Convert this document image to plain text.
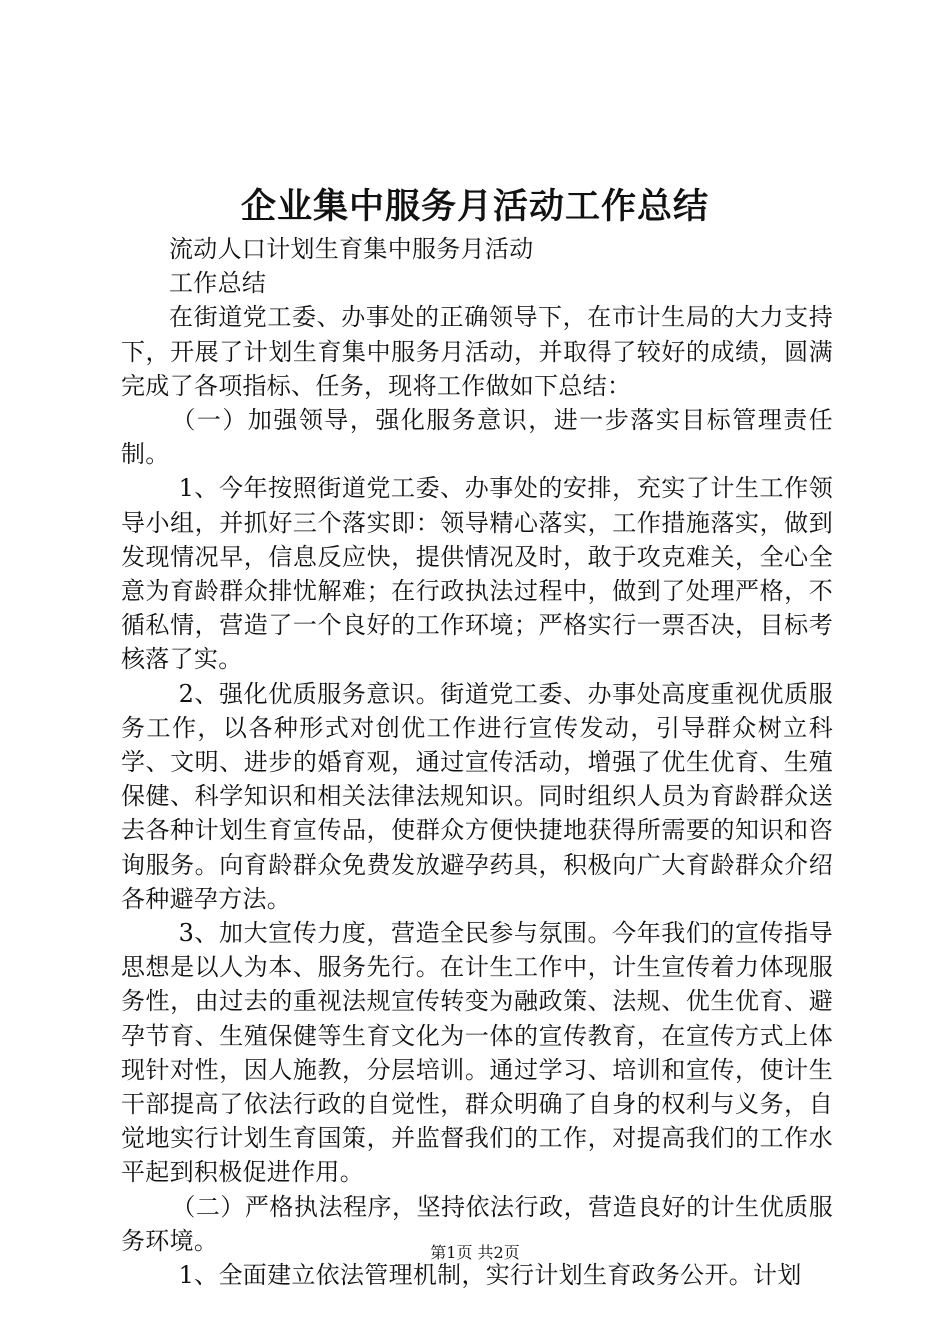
企业集中服务月活动工作总结

流动人口计划生育集中服务月活动

工作总结

在街道党工委、办事处的正确领导下，在市计生局的大力支持下，开展了计划生育集中服务月活动，并取得了较好的成绩，圆满完成了各项指标、任务，现将工作做如下总结：

（一）加强领导，强化服务意识，进一步落实目标管理责任制。

1、今年按照街道党工委、办事处的安排，充实了计生工作领导小组，并抓好三个落实即：领导精心落实，工作措施落实，做到发现情况早，信息反应快，提供情况及时，敢于攻克难关，全心全意为育龄群众排忧解难；在行政执法过程中，做到了处理严格，不循私情，营造了一个良好的工作环境；严格实行一票否决，目标考核落了实。

2、强化优质服务意识。街道党工委、办事处高度重视优质服务工作，以各种形式对创优工作进行宣传发动，引导群众树立科学、文明、进步的婚育观，通过宣传活动，增强了优生优育、生殖保健、科学知识和相关法律法规知识。同时组织人员为育龄群众送去各种计划生育宣传品，使群众方便快捷地获得所需要的知识和咨询服务。向育龄群众免费发放避孕药具，积极向广大育龄群众介绍各种避孕方法。

3、加大宣传力度，营造全民参与氛围。今年我们的宣传指导思想是以人为本、服务先行。在计生工作中，计生宣传着力体现服务性，由过去的重视法规宣传转变为融政策、法规、优生优育、避孕节育、生殖保健等生育文化为一体的宣传教育，在宣传方式上体现针对性，因人施教，分层培训。通过学习、培训和宣传，使计生干部提高了依法行政的自觉性，群众明确了自身的权利与义务，自觉地实行计划生育国策，并监督我们的工作，对提高我们的工作水平起到积极促进作用。

（二）严格执法程序，坚持依法行政，营造良好的计生优质服务环境。

1、全面建立依法管理机制，实行计划生育政务公开。计划

第1页 共2页
